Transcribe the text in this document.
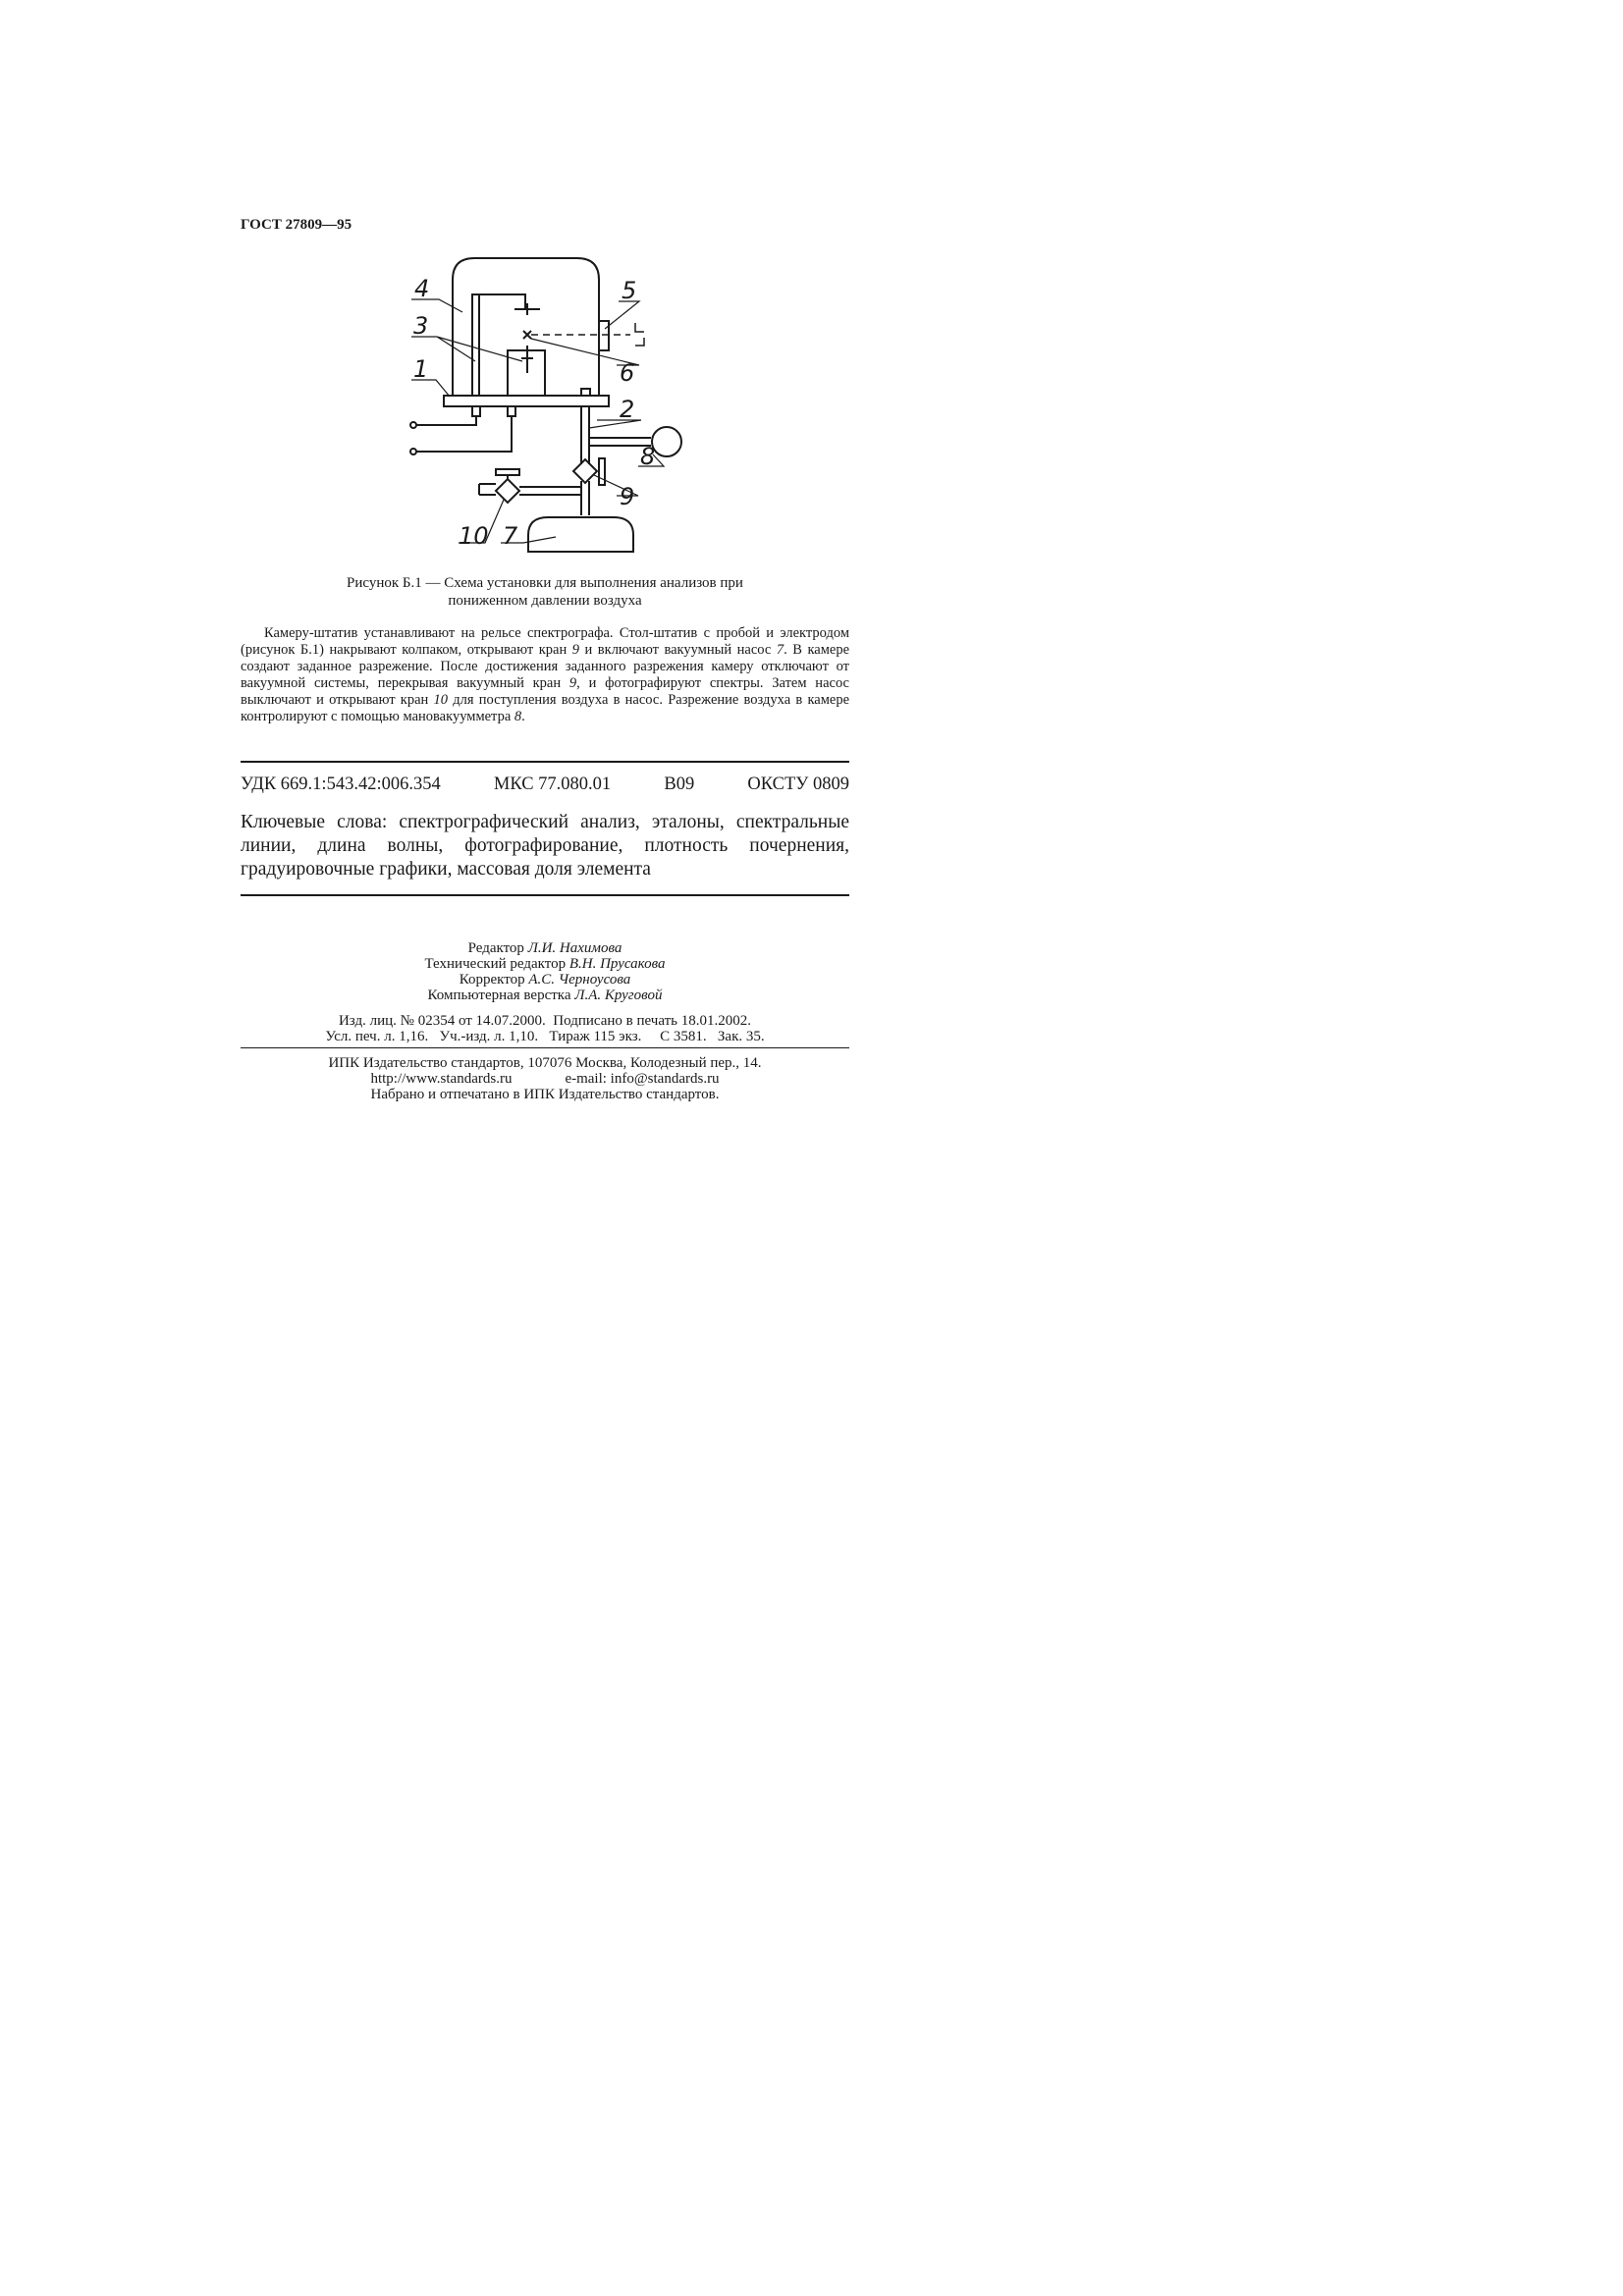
ГОСТ 27809—95
4
3
1
5
6
2
8
9
10 7
Рисунок Б.1 — Схема установки для выполнения анализов при
пониженном давлении воздуха

Камеру-штатив устанавливают на рельсе спектрографа. Стол-штатив с пробой и электродом (рисунок Б.1) накрывают колпаком, открывают кран 9 и включают вакуумный насос 7. В камере создают заданное разрежение. После достижения заданного разрежения камеру отключают от вакуумной системы, перекрывая вакуумный кран 9, и фотографируют спектры. Затем насос выключают и открывают кран 10 для поступления воздуха в насос. Разрежение воздуха в камере контролируют с помощью мановакуумметра 8.

УДК 669.1:543.42:006.354	МКС 77.080.01	В09	ОКСТУ 0809

Ключевые слова: спектрографический анализ, эталоны, спектральные линии, длина волны, фотографирование, плотность почернения, градуировочные графики, массовая доля элемента

Редактор Л.И. Нахимова
Технический редактор В.Н. Прусакова
Корректор А.С. Черноусова
Компьютерная верстка Л.А. Круговой
Изд. лиц. № 02354 от 14.07.2000.  Подписано в печать 18.01.2002.
Усл. печ. л. 1,16.   Уч.-изд. л. 1,10.   Тираж 115 экз.     С 3581.   Зак. 35.
ИПК Издательство стандартов, 107076 Москва, Колодезный пер., 14.
http://www.standards.ru	e-mail: info@standards.ru
Набрано и отпечатано в ИПК Издательство стандартов.
